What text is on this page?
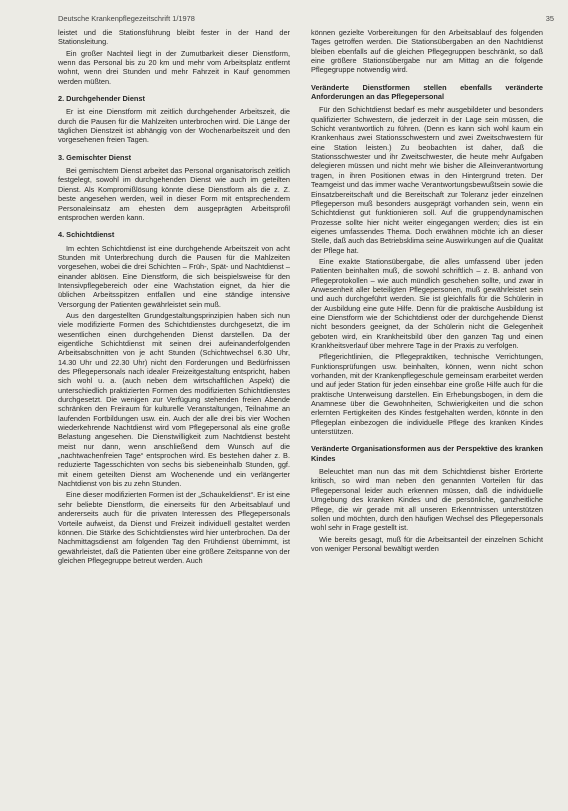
Deutsche Krankenpflegezeitschrift 1/1978	35

leistet und die Stationsführung bleibt fester in der Hand der Stationsleitung.

Ein großer Nachteil liegt in der Zumutbarkeit dieser Dienstform, wenn das Personal bis zu 20 km und mehr vom Arbeitsplatz entfernt wohnt, wenn drei Stunden und mehr Fahrzeit in Kauf genommen werden müßten.

2. Durchgehender Dienst

Er ist eine Dienstform mit zeitlich durchgehender Arbeitszeit, die durch die Pausen für die Mahlzeiten unterbrochen wird. Die Länge der täglichen Dienstzeit ist abhängig von der Wochenarbeitszeit und den vorgesehenen freien Tagen.

3. Gemischter Dienst

Bei gemischtem Dienst arbeitet das Personal organisatorisch zeitlich festgelegt, sowohl im durchgehenden Dienst wie auch im geteilten Dienst. Als Kompromißlösung könnte diese Dienstform als die z. Z. beste angesehen werden, weil in dieser Form mit entsprechendem Personaleinsatz am ehesten dem ausgeprägten Arbeitsprofil entsprochen werden kann.

4. Schichtdienst

Im echten Schichtdienst ist eine durchgehende Arbeitszeit von acht Stunden mit Unterbrechung durch die Pausen für die Mahlzeiten vorgesehen, wobei die drei Schichten – Früh-, Spät- und Nachtdienst – einander ablösen. Eine Dienstform, die sich beispielsweise für den Intensivpflegebereich oder eine Wachstation eignet, da hier die üblichen Arbeitsspitzen entfallen und eine ständige intensive Versorgung der Patienten gewährleistet sein muß.

Aus den dargestellten Grundgestaltungsprinzipien haben sich nun viele modifizierte Formen des Schichtdienstes durchgesetzt, die im wesentlichen einen durchgehenden Dienst darstellen. Da der eigentliche Schichtdienst mit seinen drei aufeinanderfolgenden Arbeitsabschnitten von je acht Stunden (Schichtwechsel 6.30 Uhr, 14.30 Uhr und 22.30 Uhr) nicht den Forderungen und Bedürfnissen des Pflegepersonals nach idealer Freizeitgestaltung entspricht, haben sich wohl u. a. (auch neben dem wirtschaftlichen Aspekt) die unterschiedlich praktizierten Formen des modifizierten Schichtdienstes durchgesetzt. Die wenigen zur Verfügung stehenden freien Abende schränken den Freiraum für kulturelle Veranstaltungen, Teilnahme an laufenden Fortbildungen usw. ein. Auch der alle drei bis vier Wochen wiederkehrende Nachtdienst wird vom Pflegepersonal als eine große Belastung angesehen. Die Dienstwilligkeit zum Nachtdienst besteht meist nur dann, wenn anschließend dem Wunsch auf die „nachtwachenfreien Tage“ entsprochen wird. Es bestehen daher z. B. reduzierte Tagesschichten von sechs bis siebeneinhalb Stunden, ggf. mit einem geteilten Dienst am Wochenende und ein verlängerter Nachtdienst von bis zu zehn Stunden.

Eine dieser modifizierten Formen ist der „Schaukeldienst“. Er ist eine sehr beliebte Dienstform, die einerseits für den Arbeitsablauf und andererseits auch für die privaten Interessen des Pflegepersonals Vorteile aufweist, da Dienst und Freizeit individuell gestaltet werden können. Die Stärke des Schichtdienstes wird hier unterbrochen. Da der Nachmittagsdienst am folgenden Tag den Frühdienst übernimmt, ist gewährleistet, daß die Patienten über eine größere Zeitspanne von der gleichen Pflegegruppe betreut werden. Auch

können gezielte Vorbereitungen für den Arbeitsablauf des folgenden Tages getroffen werden. Die Stationsübergaben an den Nachtdienst bleiben ebenfalls auf die gleichen Pflegegruppen beschränkt, so daß eine größere Stationsübergabe nur am Mittag an die folgende Pflegegruppe notwendig wird.

Veränderte Dienstformen stellen ebenfalls veränderte Anforderungen an das Pflegepersonal

Für den Schichtdienst bedarf es mehr ausgebildeter und besonders qualifizierter Schwestern, die jederzeit in der Lage sein müssen, die Schicht verantwortlich zu führen. (Denn es kann sich wohl kaum ein Krankenhaus zwei Stationsschwestern und zwei Zweitschwestern für eine Station leisten.) Zu beobachten ist daher, daß die Stationsschwester und ihr Zweitschwester, die heute mehr Aufgaben delegieren müssen und nicht mehr wie bisher die Alleinverantwortung tragen, in ihren Positionen etwas in den Hintergrund treten. Der Teamgeist und das immer wache Verantwortungsbewußtsein sowie die Einsatzbereitschaft und die Bereitschaft zur Toleranz jeder einzelnen Pflegeperson muß besonders ausgeprägt vorhanden sein, wenn ein Schichtdienst gut funktionieren soll. Auf die gruppendynamischen Prozesse sollte hier nicht weiter eingegangen werden; dies ist ein eigenes umfassendes Thema. Doch erwähnen möchte ich an dieser Stelle, daß auch das Betriebsklima seine Auswirkungen auf die Qualität der Pflege hat.

Eine exakte Stationsübergabe, die alles umfassend über jeden Patienten beinhalten muß, die sowohl schriftlich – z. B. anhand von Pflegeprotokollen – wie auch mündlich geschehen sollte, und zwar in Anwesenheit aller beteiligten Pflegepersonen, muß gewährleistet sein und auch durchgeführt werden. Sie ist gleichfalls für die Schülerin in der Ausbildung eine gute Hilfe. Denn für die praktische Ausbildung ist eine Dienstform wie der Schichtdienst oder der durchgehende Dienst nicht besonders geeignet, da der Schülerin nicht die Gelegenheit geboten wird, ein Krankheitsbild über den ganzen Tag und einen Krankheitsverlauf über mehrere Tage in der Praxis zu verfolgen.

Pflegerichtlinien, die Pflegepraktiken, technische Verrichtungen, Funktionsprüfungen usw. beinhalten, können, wenn nicht schon vorhanden, mit der Krankenpflegeschule gemeinsam erarbeitet werden und auf jeder Station für jeden einsehbar eine große Hilfe auch für die praktische Unterweisung darstellen. Ein Erhebungsbogen, in dem die Anamnese über die Gewohnheiten, Schwierigkeiten und die schon erlernten Fertigkeiten des Kindes festgehalten werden, könnte in den Pflegeplan einbezogen die individuelle Pflege des kranken Kindes unterstützen.

Veränderte Organisationsformen aus der Perspektive des kranken Kindes

Beleuchtet man nun das mit dem Schichtdienst bisher Erörterte kritisch, so wird man neben den genannten Vorteilen für das Pflegepersonal leider auch erkennen müssen, daß die individuelle Umgebung des kranken Kindes und die persönliche, ganzheitliche Pflege, die wir gerade mit all unseren Erkenntnissen unterstützen sollen und möchten, durch den häufigen Wechsel des Pflegepersonals wohl sehr in Frage gestellt ist.

Wie bereits gesagt, muß für die Arbeitsanteil der einzelnen Schicht von weniger Personal bewältigt werden
